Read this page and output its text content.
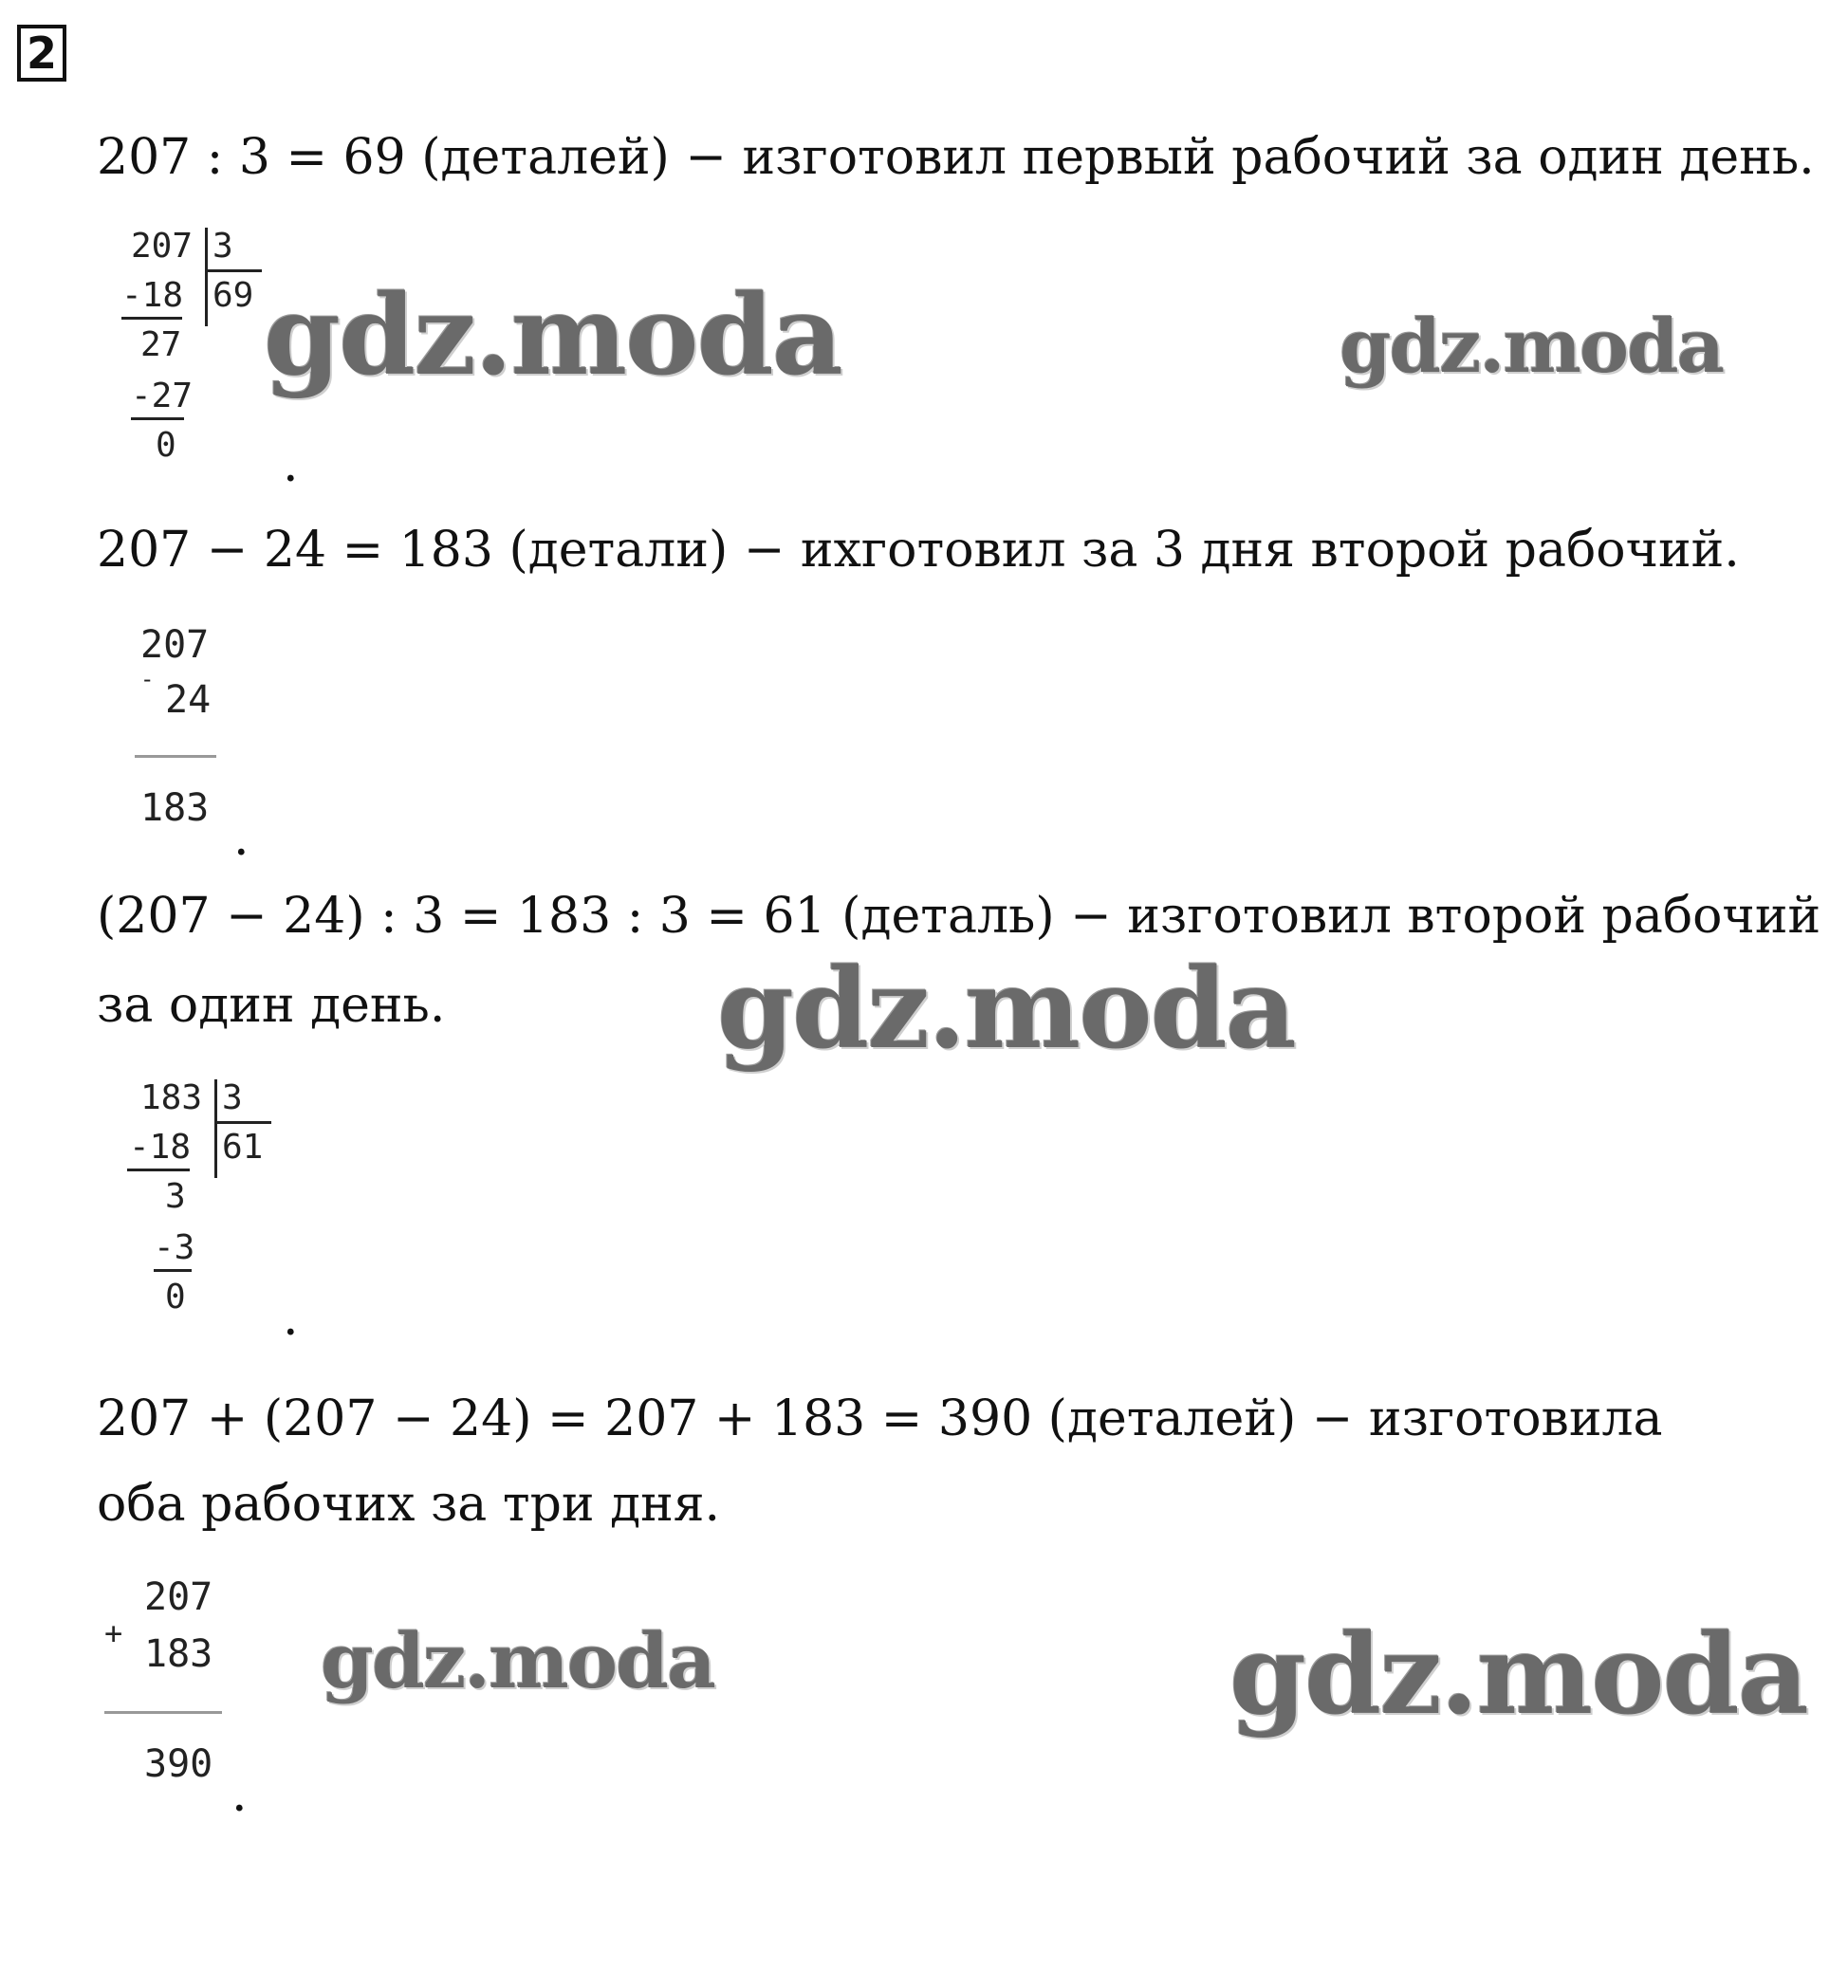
2
207 : 3 = 69 (деталей) − изготовил первый рабочий за один день.
207 3
69
-18
27
-27
0 .
gdz.moda	gdz.moda
207 − 24 = 183 (детали) − ихготовил за 3 дня второй рабочий.
207
- 24
183
.
(207 − 24) : 3 = 183 : 3 = 61 (деталь) − изготовил второй рабочий
за один день. gdz.moda
183 3
61
-18
3
-3
0 .
207 + (207 − 24) = 207 + 183 = 390 (деталей) − изготовила
оба рабочих за три дня.
207
+ 183
390
.
gdz.moda	gdz.moda
